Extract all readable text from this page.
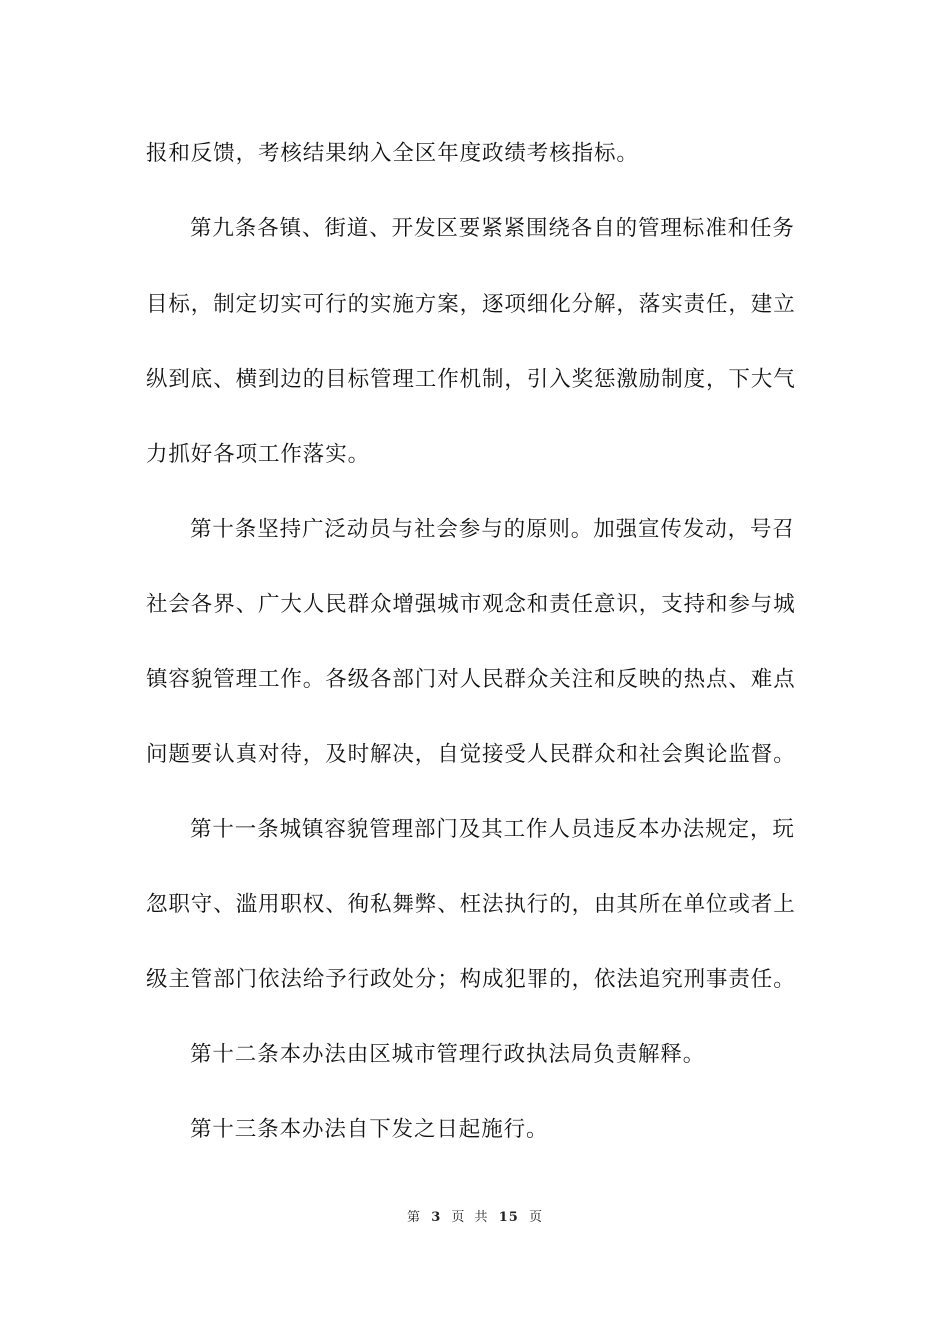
报和反馈，考核结果纳入全区年度政绩考核指标。
第九条各镇、街道、开发区要紧紧围绕各自的管理标准和任务
目标，制定切实可行的实施方案，逐项细化分解，落实责任，建立
纵到底、横到边的目标管理工作机制，引入奖惩激励制度，下大气
力抓好各项工作落实。
第十条坚持广泛动员与社会参与的原则。加强宣传发动，号召
社会各界、广大人民群众增强城市观念和责任意识，支持和参与城
镇容貌管理工作。各级各部门对人民群众关注和反映的热点、难点
问题要认真对待，及时解决，自觉接受人民群众和社会舆论监督。
第十一条城镇容貌管理部门及其工作人员违反本办法规定，玩
忽职守、滥用职权、徇私舞弊、枉法执行的，由其所在单位或者上
级主管部门依法给予行政处分；构成犯罪的，依法追究刑事责任。
第十二条本办法由区城市管理行政执法局负责解释。
第十三条本办法自下发之日起施行。
第 3 页 共 15 页
